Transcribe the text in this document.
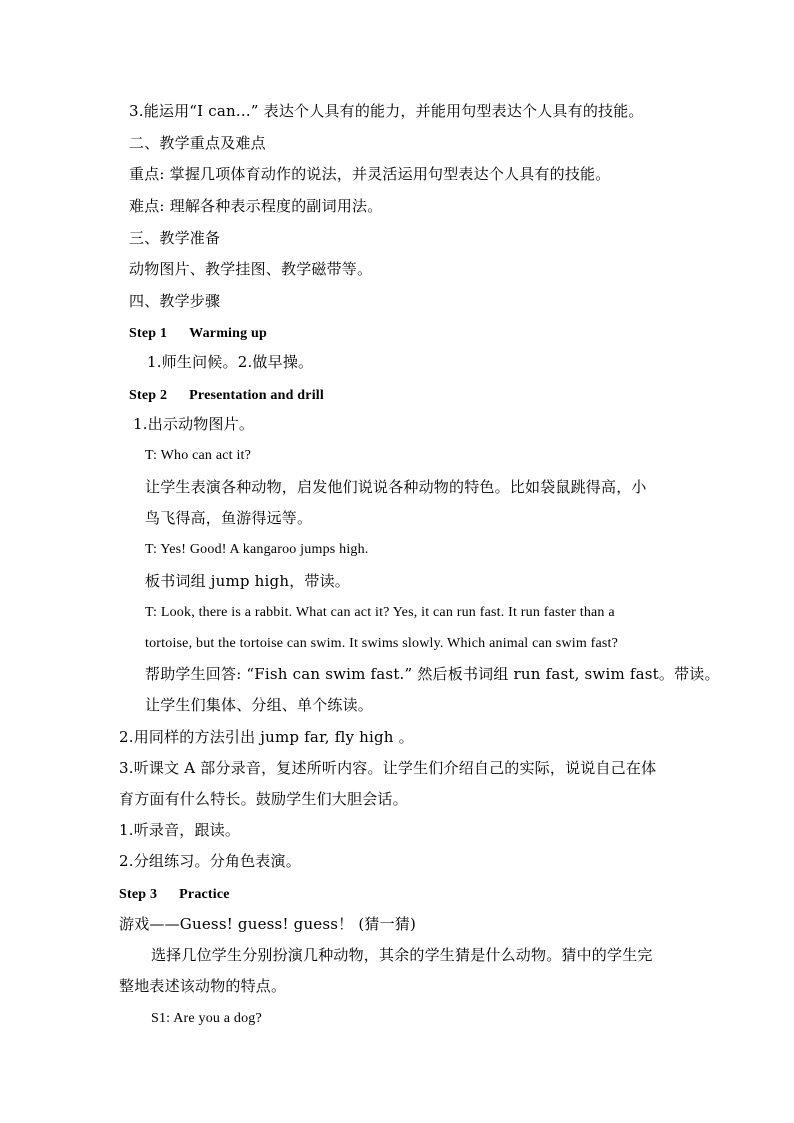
3.能运用“I can...” 表达个人具有的能力，并能用句型表达个人具有的技能。
二、教学重点及难点
重点: 掌握几项体育动作的说法，并灵活运用句型表达个人具有的技能。
难点: 理解各种表示程度的副词用法。
三、教学准备
动物图片、教学挂图、教学磁带等。
四、教学步骤
Step 1 Warming up
1.师生问候。2.做早操。
Step 2 Presentation and drill
1.出示动物图片。
T: Who can act it?
让学生表演各种动物，启发他们说说各种动物的特色。比如袋鼠跳得高，小
鸟飞得高，鱼游得远等。
T: Yes! Good! A kangaroo jumps high.
板书词组 jump high，带读。
T: Look, there is a rabbit. What can act it? Yes, it can run fast. It run faster than a
tortoise, but the tortoise can swim. It swims slowly. Which animal can swim fast?
帮助学生回答: “Fish can swim fast.” 然后板书词组 run fast, swim fast。带读。
让学生们集体、分组、单个练读。
2.用同样的方法引出 jump far, fly high 。
3.听课文 A 部分录音，复述所听内容。让学生们介绍自己的实际，说说自己在体
育方面有什么特长。鼓励学生们大胆会话。
1.听录音，跟读。
2.分组练习。分角色表演。
Step 3 Practice
游戏——Guess! guess! guess！ (猜一猜)
选择几位学生分别扮演几种动物，其余的学生猜是什么动物。猜中的学生完
整地表述该动物的特点。
S1: Are you a dog?
